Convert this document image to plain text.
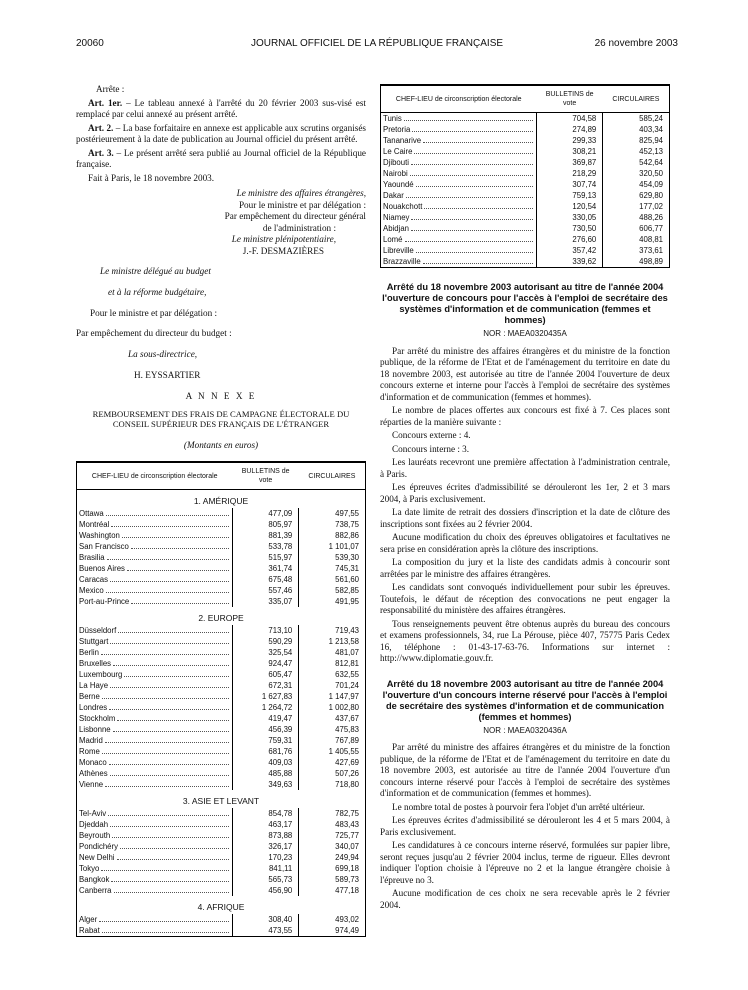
20060	JOURNAL OFFICIEL DE LA RÉPUBLIQUE FRANÇAISE	26 novembre 2003

Arrête :

Art. 1er. – Le tableau annexé à l'arrêté du 20 février 2003 sus-visé est remplacé par celui annexé au présent arrêté.

Art. 2. – La base forfaitaire en annexe est applicable aux scrutins organisés postérieurement à la date de publication au Journal officiel du présent arrêté.

Art. 3. – Le présent arrêté sera publié au Journal officiel de la République française.

Fait à Paris, le 18 novembre 2003.

Le ministre des affaires étrangères,

Pour le ministre et par délégation :

Par empêchement du directeur général

de l'administration :

Le ministre plénipotentiaire,

J.-F. DESMAZIÈRES

Le ministre délégué au budget

et à la réforme budgétaire,

Pour le ministre et par délégation :

Par empêchement du directeur du budget :

La sous-directrice,

H. EYSSARTIER

A N N E X E

REMBOURSEMENT DES FRAIS DE CAMPAGNE ÉLECTORALE DU CONSEIL SUPÉRIEUR DES FRANÇAIS DE L'ÉTRANGER

(Montants en euros)

CHEF-LIEU de circonscription électorale	BULLETINS de vote	CIRCULAIRES
1. AMÉRIQUE		

Ottawa	477,09	497,55

Montréal	805,97	738,75

Washington	881,39	882,86

San Francisco	533,78	1 101,07

Brasilia	515,97	539,30

Buenos Aires	361,74	745,31

Caracas	675,48	561,60

Mexico	557,46	582,85

Port-au-Prince	335,07	491,95
2. EUROPE		

Düsseldorf	713,10	719,43

Stuttgart	590,29	1 213,58

Berlin	325,54	481,07

Bruxelles	924,47	812,81

Luxembourg	605,47	632,55

La Haye	672,31	701,24

Berne	1 627,83	1 147,97

Londres	1 264,72	1 002,80

Stockholm	419,47	437,67

Lisbonne	456,39	475,83

Madrid	759,31	767,89

Rome	681,76	1 405,55

Monaco	409,03	427,69

Athènes	485,88	507,26

Vienne	349,63	718,80
3. ASIE ET LEVANT		

Tel-Aviv	854,78	782,75

Djeddah	463,17	483,43

Beyrouth	873,88	725,77

Pondichéry	326,17	340,07

New Delhi	170,23	249,94

Tokyo	841,11	699,18

Bangkok	565,73	589,73

Canberra	456,90	477,18
4. AFRIQUE		

Alger	308,40	493,02

Rabat	473,55	974,49
CHEF-LIEU de circonscription électorale	BULLETINS de vote	CIRCULAIRES

Tunis	704,58	585,24

Pretoria	274,89	403,34

Tananarive	299,33	825,94

Le Caire	308,21	452,13

Djibouti	369,87	542,64

Nairobi	218,29	320,50

Yaoundé	307,74	454,09

Dakar	759,13	629,80

Nouakchott	120,54	177,02

Niamey	330,05	488,26

Abidjan	730,50	606,77

Lomé	276,60	408,81

Libreville	357,42	373,61

Brazzaville	339,62	498,89

Arrêté du 18 novembre 2003 autorisant au titre de l'année 2004 l'ouverture de concours pour l'accès à l'emploi de secrétaire des systèmes d'information et de communication (femmes et hommes)

NOR : MAEA0320435A

Par arrêté du ministre des affaires étrangères et du ministre de la fonction publique, de la réforme de l'Etat et de l'aménagement du territoire en date du 18 novembre 2003, est autorisée au titre de l'année 2004 l'ouverture de deux concours externe et interne pour l'accès à l'emploi de secrétaire des systèmes d'information et de communication (femmes et hommes).

Le nombre de places offertes aux concours est fixé à 7. Ces places sont réparties de la manière suivante :

Concours externe : 4.

Concours interne : 3.

Les lauréats recevront une première affectation à l'administration centrale, à Paris.

Les épreuves écrites d'admissibilité se dérouleront les 1er, 2 et 3 mars 2004, à Paris exclusivement.

La date limite de retrait des dossiers d'inscription et la date de clôture des inscriptions sont fixées au 2 février 2004.

Aucune modification du choix des épreuves obligatoires et facultatives ne sera prise en considération après la clôture des inscriptions.

La composition du jury et la liste des candidats admis à concourir sont arrêtées par le ministre des affaires étrangères.

Les candidats sont convoqués individuellement pour subir les épreuves. Toutefois, le défaut de réception des convocations ne peut engager la responsabilité du ministère des affaires étrangères.

Tous renseignements peuvent être obtenus auprès du bureau des concours et examens professionnels, 34, rue La Pérouse, pièce 407, 75775 Paris Cedex 16, téléphone : 01-43-17-63-76. Informations sur internet : http://www.diplomatie.gouv.fr.

Arrêté du 18 novembre 2003 autorisant au titre de l'année 2004 l'ouverture d'un concours interne réservé pour l'accès à l'emploi de secrétaire des systèmes d'information et de communication (femmes et hommes)

NOR : MAEA0320436A

Par arrêté du ministre des affaires étrangères et du ministre de la fonction publique, de la réforme de l'Etat et de l'aménagement du territoire en date du 18 novembre 2003, est autorisée au titre de l'année 2004 l'ouverture d'un concours interne réservé pour l'accès à l'emploi de secrétaire des systèmes d'information et de communication (femmes et hommes).

Le nombre total de postes à pourvoir fera l'objet d'un arrêté ultérieur.

Les épreuves écrites d'admissibilité se dérouleront les 4 et 5 mars 2004, à Paris exclusivement.

Les candidatures à ce concours interne réservé, formulées sur papier libre, seront reçues jusqu'au 2 février 2004 inclus, terme de rigueur. Elles devront indiquer l'option choisie à l'épreuve no 2 et la langue étrangère choisie à l'épreuve no 3.

Aucune modification de ces choix ne sera recevable après le 2 février 2004.
